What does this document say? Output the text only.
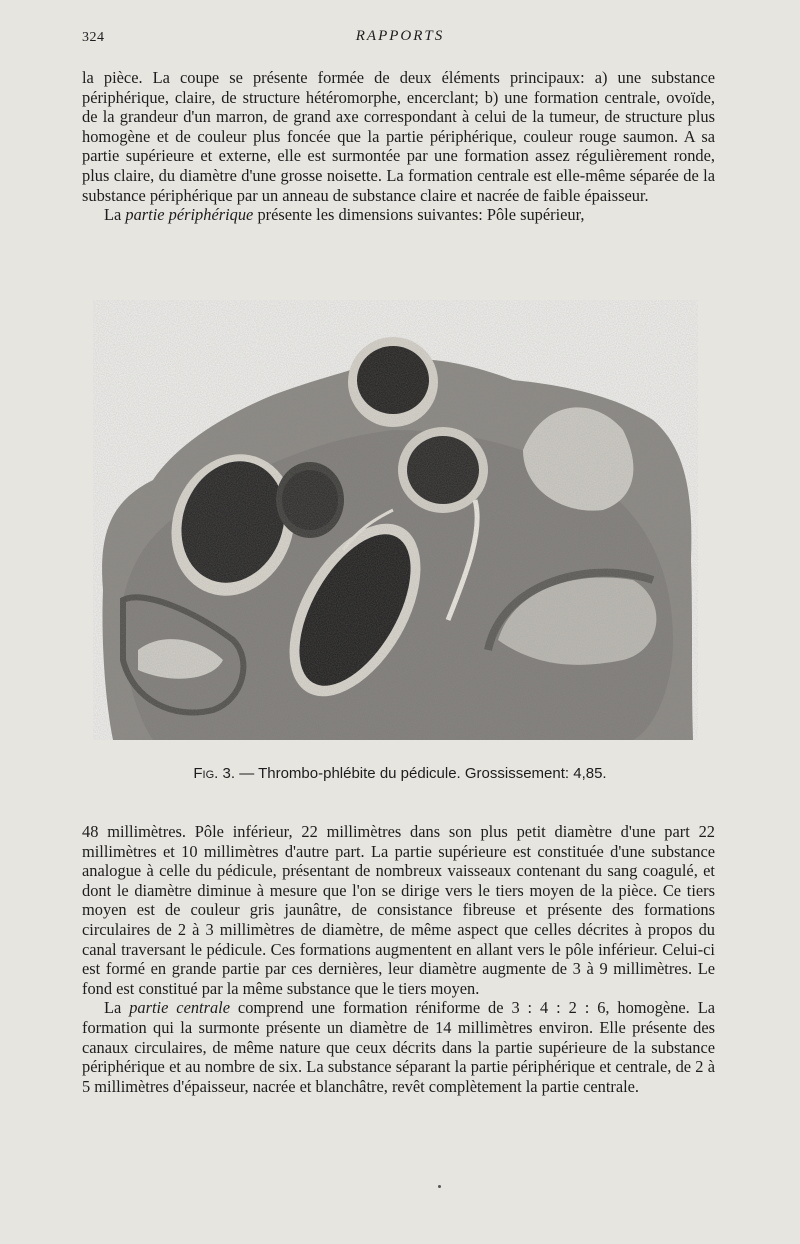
324	RAPPORTS

la pièce. La coupe se présente formée de deux éléments principaux: a) une substance périphérique, claire, de structure hétéromorphe, encerclant; b) une formation centrale, ovoïde, de la grandeur d'un marron, de grand axe correspondant à celui de la tumeur, de structure plus homogène et de couleur plus foncée que la partie périphérique, couleur rouge saumon. A sa partie supérieure et externe, elle est surmontée par une formation assez régulièrement ronde, plus claire, du diamètre d'une grosse noisette. La formation centrale est elle-même séparée de la substance périphérique par un anneau de substance claire et nacrée de faible épaisseur.

La partie périphérique présente les dimensions suivantes: Pôle supérieur,

Fig. 3. — Thrombo-phlébite du pédicule. Grossissement: 4,85.

48 millimètres. Pôle inférieur, 22 millimètres dans son plus petit diamètre d'une part 22 millimètres et 10 millimètres d'autre part. La partie supérieure est constituée d'une substance analogue à celle du pédicule, présentant de nombreux vaisseaux contenant du sang coagulé, et dont le diamètre diminue à mesure que l'on se dirige vers le tiers moyen de la pièce. Ce tiers moyen est de couleur gris jaunâtre, de consistance fibreuse et présente des formations circulaires de 2 à 3 millimètres de diamètre, de même aspect que celles décrites à propos du canal traversant le pédicule. Ces formations augmentent en allant vers le pôle inférieur. Celui-ci est formé en grande partie par ces dernières, leur diamètre augmente de 3 à 9 millimètres. Le fond est constitué par la même substance que le tiers moyen.

La partie centrale comprend une formation réniforme de 3 : 4 : 2 : 6, homogène. La formation qui la surmonte présente un diamètre de 14 millimètres environ. Elle présente des canaux circulaires, de même nature que ceux décrits dans la partie supérieure de la substance périphérique et au nombre de six. La substance séparant la partie périphérique et centrale, de 2 à 5 millimètres d'épaisseur, nacrée et blanchâtre, revêt complètement la partie centrale.
